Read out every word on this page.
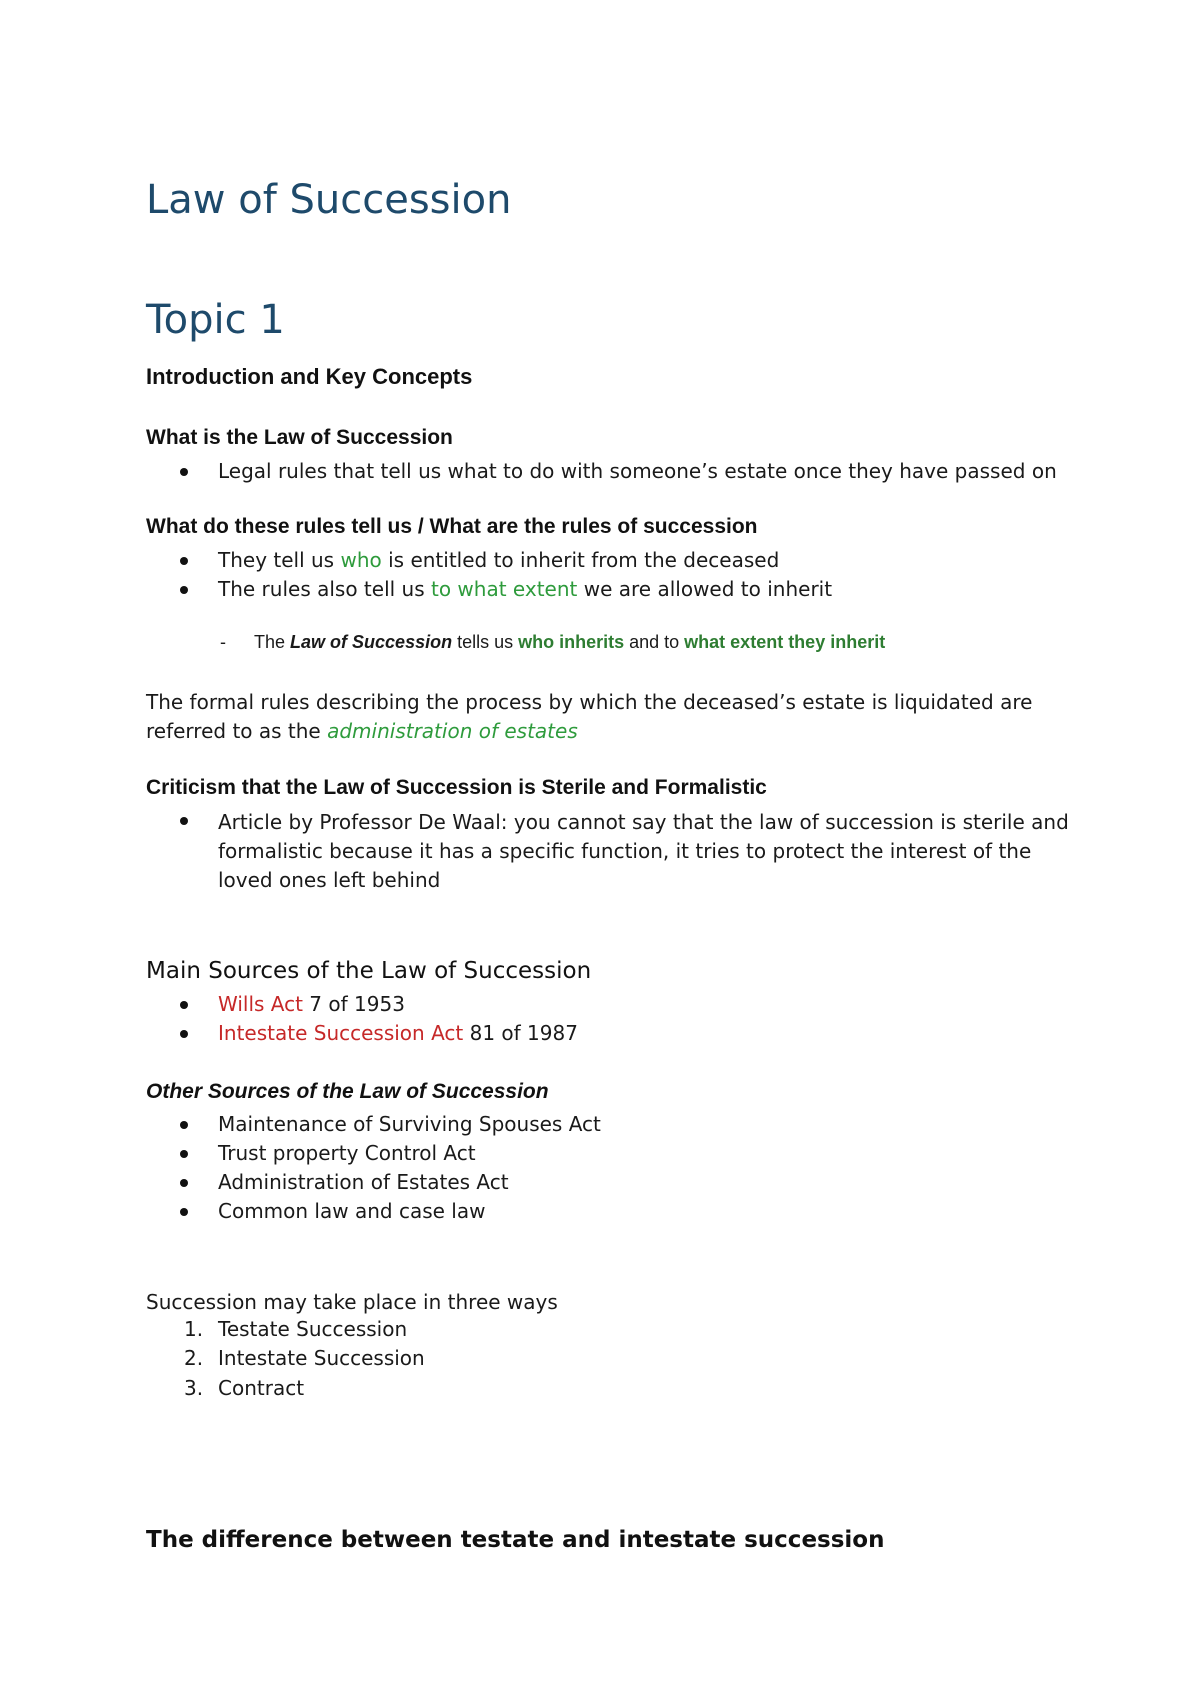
Law of Succession
Topic 1
Introduction and Key Concepts
What is the Law of Succession
Legal rules that tell us what to do with someone’s estate once they have passed on
What do these rules tell us / What are the rules of succession
They tell us who is entitled to inherit from the deceased
The rules also tell us to what extent we are allowed to inherit
- The Law of Succession tells us who inherits and to what extent they inherit
The formal rules describing the process by which the deceased’s estate is liquidated are
referred to as the administration of estates
Criticism that the Law of Succession is Sterile and Formalistic
Article by Professor De Waal: you cannot say that the law of succession is sterile and
formalistic because it has a specific function, it tries to protect the interest of the
loved ones left behind
Main Sources of the Law of Succession
Wills Act 7 of 1953
Intestate Succession Act 81 of 1987
Other Sources of the Law of Succession
Maintenance of Surviving Spouses Act
Trust property Control Act
Administration of Estates Act
Common law and case law
Succession may take place in three ways
1. Testate Succession
2. Intestate Succession
3. Contract
The difference between testate and intestate succession
